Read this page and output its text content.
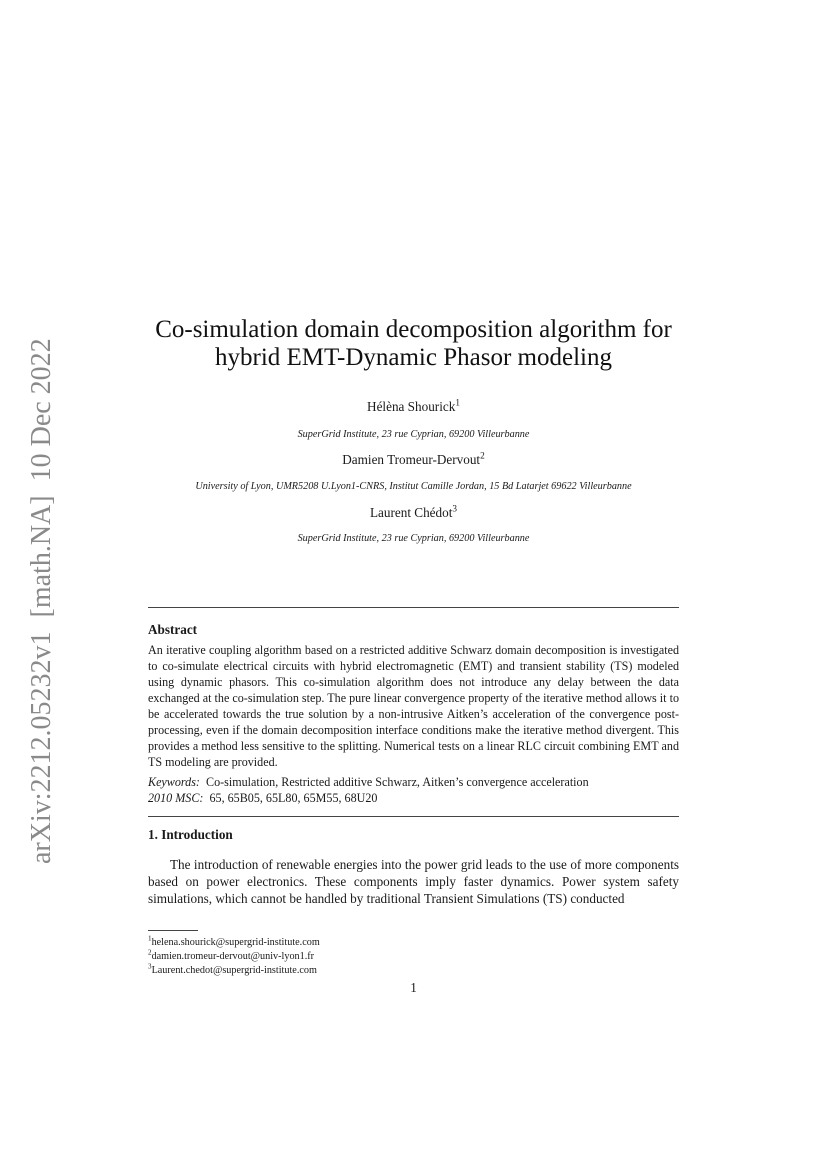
arXiv:2212.05232v1[math.NA]10 Dec 2022
Co-simulation domain decomposition algorithm for
hybrid EMT-Dynamic Phasor modeling
Hélèna Shourick$^1$
SuperGrid Institute, 23 rue Cyprian, 69200 Villeurbanne
Damien Tromeur-Dervout$^2$
University of Lyon, UMR5208 U.Lyon1-CNRS, Institut Camille Jordan, 15 Bd Latarjet 69622 Villeurbanne
Laurent Chédot$^3$
SuperGrid Institute, 23 rue Cyprian, 69200 Villeurbanne
Abstract
An iterative coupling algorithm based on a restricted additive Schwarz domain decomposition is investigated to co-simulate electrical circuits with hybrid electromagnetic (EMT) and transient stability (TS) modeled using dynamic phasors. This co-simulation algorithm does not introduce any delay between the data exchanged at the co-simulation step. The pure linear convergence property of the iterative method allows it to be accelerated towards the true solution by a non-intrusive Aitken’s acceleration of the convergence post-processing, even if the domain decomposition interface conditions make the iterative method divergent. This provides a method less sensitive to the splitting. Numerical tests on a linear RLC circuit combining EMT and TS modeling are provided.
Keywords: Co-simulation, Restricted additive Schwarz, Aitken’s convergence acceleration
2010 MSC: 65, 65B05, 65L80, 65M55, 68U20
1. Introduction
The introduction of renewable energies into the power grid leads to the use of more components based on power electronics. These components imply faster dynamics. Power system safety simulations, which cannot be handled by traditional Transient Simulations (TS) conducted
$^1$helena.shourick@supergrid-institute.com
$^2$damien.tromeur-dervout@univ-lyon1.fr
$^3$Laurent.chedot@supergrid-institute.com
1
